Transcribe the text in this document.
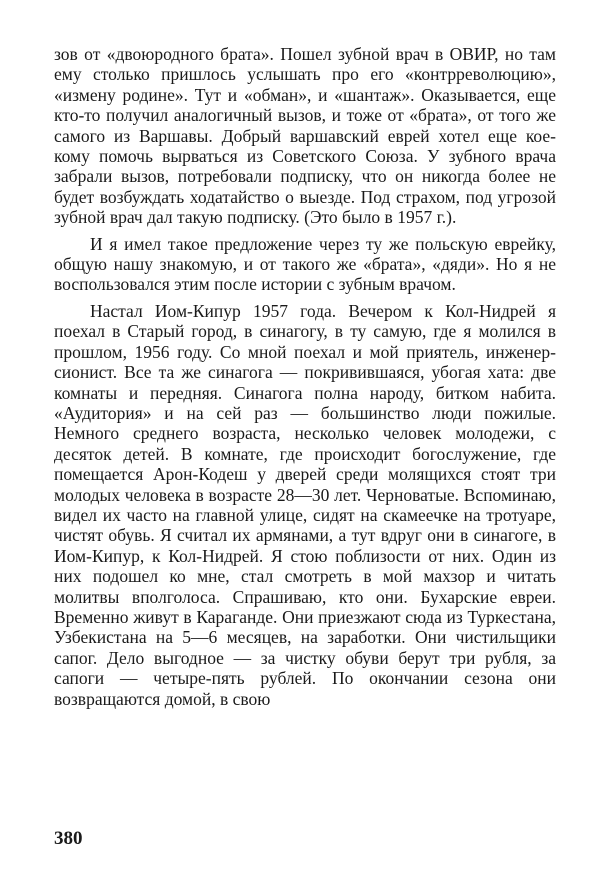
зов от «двоюродного брата». Пошел зубной врач в ОВИР, но там ему столько пришлось услышать про его «контрреволюцию», «измену родине». Тут и «обман», и «шантаж». Оказывается, еще кто-то получил аналогичный вызов, и тоже от «брата», от того же самого из Варшавы. Добрый варшавский еврей хотел еще кое-кому помочь вырваться из Советского Союза. У зубного врача забрали вызов, потребовали подписку, что он никогда более не будет возбуждать ходатайство о выезде. Под страхом, под угрозой зубной врач дал такую подписку. (Это было в 1957 г.).

И я имел такое предложение через ту же польскую еврейку, общую нашу знакомую, и от такого же «брата», «дяди». Но я не воспользовался этим после истории с зубным врачом.

Настал Иом-Кипур 1957 года. Вечером к Кол-Нидрей я поехал в Старый город, в синагогу, в ту самую, где я молился в прошлом, 1956 году. Со мной поехал и мой приятель, инженер-сионист. Все та же синагога — покривившаяся, убогая хата: две комнаты и передняя. Синагога полна народу, битком набита. «Аудитория» и на сей раз — большинство люди пожилые. Немного среднего возраста, несколько человек молодежи, с десяток детей. В комнате, где происходит богослужение, где помещается Арон-Кодеш у дверей среди молящихся стоят три молодых человека в возрасте 28—30 лет. Черноватые. Вспоминаю, видел их часто на главной улице, сидят на скамеечке на тротуаре, чистят обувь. Я считал их армянами, а тут вдруг они в синагоге, в Иом-Кипур, к Кол-Нидрей. Я стою поблизости от них. Один из них подошел ко мне, стал смотреть в мой махзор и читать молитвы вполголоса. Спрашиваю, кто они. Бухарские евреи. Временно живут в Караганде. Они приезжают сюда из Туркестана, Узбекистана на 5—6 месяцев, на заработки. Они чистильщики сапог. Дело выгодное — за чистку обуви берут три рубля, за сапоги — четыре-пять рублей. По окончании сезона они возвращаются домой, в свою

380
